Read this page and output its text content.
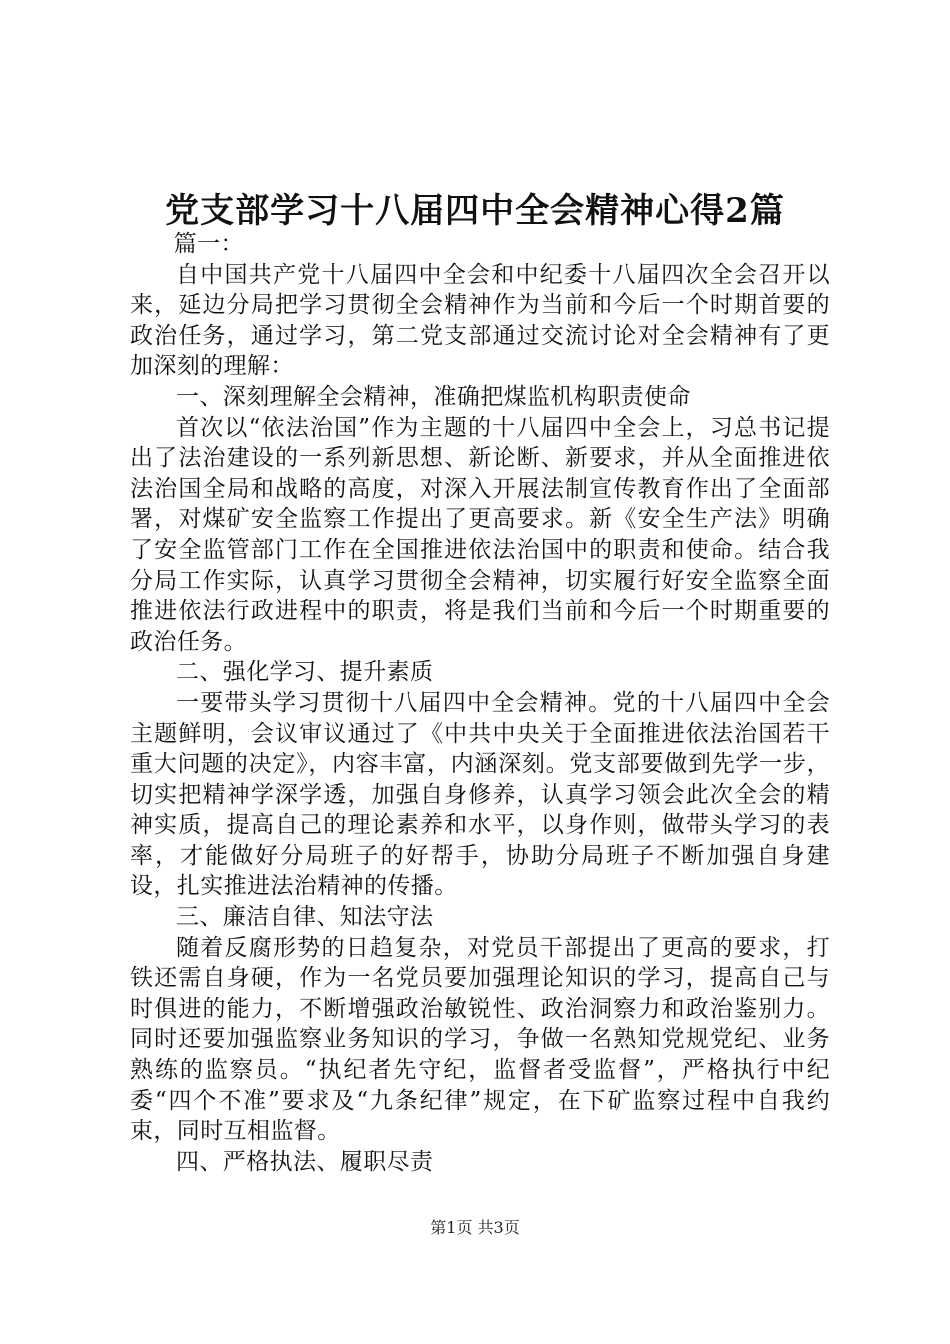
党支部学习十八届四中全会精神心得2篇

篇一：

自中国共产党十八届四中全会和中纪委十八届四次全会召开以来，延边分局把学习贯彻全会精神作为当前和今后一个时期首要的政治任务，通过学习，第二党支部通过交流讨论对全会精神有了更加深刻的理解：

一、深刻理解全会精神，准确把煤监机构职责使命

首次以“依法治国”作为主题的十八届四中全会上，习总书记提出了法治建设的一系列新思想、新论断、新要求，并从全面推进依法治国全局和战略的高度，对深入开展法制宣传教育作出了全面部署，对煤矿安全监察工作提出了更高要求。新《安全生产法》明确了安全监管部门工作在全国推进依法治国中的职责和使命。结合我分局工作实际，认真学习贯彻全会精神，切实履行好安全监察全面推进依法行政进程中的职责，将是我们当前和今后一个时期重要的政治任务。

二、强化学习、提升素质

一要带头学习贯彻十八届四中全会精神。党的十八届四中全会主题鲜明，会议审议通过了《中共中央关于全面推进依法治国若干重大问题的决定》，内容丰富，内涵深刻。党支部要做到先学一步，切实把精神学深学透，加强自身修养，认真学习领会此次全会的精神实质，提高自己的理论素养和水平，以身作则，做带头学习的表率，才能做好分局班子的好帮手，协助分局班子不断加强自身建设，扎实推进法治精神的传播。

三、廉洁自律、知法守法

随着反腐形势的日趋复杂，对党员干部提出了更高的要求，打铁还需自身硬，作为一名党员要加强理论知识的学习，提高自己与时俱进的能力，不断增强政治敏锐性、政治洞察力和政治鉴别力。同时还要加强监察业务知识的学习，争做一名熟知党规党纪、业务熟练的监察员。“执纪者先守纪，监督者受监督”，严格执行中纪委“四个不准”要求及“九条纪律”规定，在下矿监察过程中自我约束，同时互相监督。

四、严格执法、履职尽责

第1页 共3页
